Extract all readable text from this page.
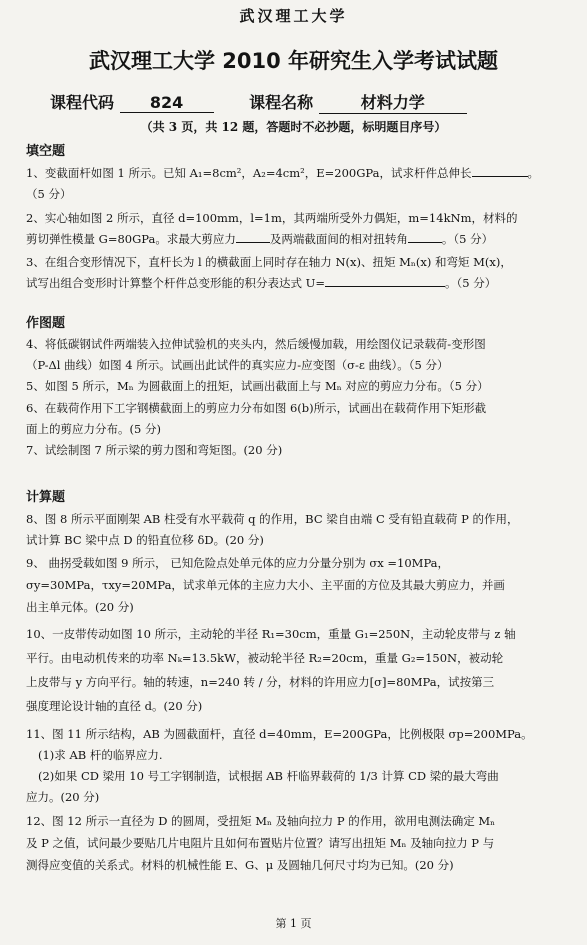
武汉理工大学
武汉理工大学 2010 年研究生入学考试试题
课程代码 824	课程名称	材料力学
（共 3 页，共 12 题，答题时不必抄题，标明题目序号）
填空题
1、变截面杆如图 1 所示。已知 A₁=8cm²，A₂=4cm²，E=200GPa，试求杆件总伸长	。
（5 分）
2、实心轴如图 2 所示，直径 d=100mm，l=1m，其两端所受外力偶矩，m=14kNm，材料的
剪切弹性模量 G=80GPa。求最大剪应力	及两端截面间的相对扭转角	。（5 分）
3、在组合变形情况下，直杆长为 l 的横截面上同时存在轴力 N(x)、扭矩 Mₙ(x) 和弯矩 M(x)，
试写出组合变形时计算整个杆件总变形能的积分表达式 U=	。（5 分）
作图题
4、将低碳钢试件两端装入拉伸试验机的夹头内，然后缓慢加载，用绘图仪记录载荷-变形图
（P-Δl 曲线）如图 4 所示。试画出此试件的真实应力-应变图（σ-ε 曲线）。（5 分）
5、如图 5 所示，Mₙ 为圆截面上的扭矩，试画出截面上与 Mₙ 对应的剪应力分布。（5 分）
6、在载荷作用下工字钢横截面上的剪应力分布如图 6(b)所示，试画出在载荷作用下矩形截
面上的剪应力分布。(5 分)
7、试绘制图 7 所示梁的剪力图和弯矩图。(20 分)
计算题
8、图 8 所示平面刚架 AB 柱受有水平载荷 q 的作用，BC 梁自由端 C 受有铅直载荷 P 的作用，
试计算 BC 梁中点 D 的铅直位移 δD。(20 分)
9、 曲拐受载如图 9 所示， 已知危险点处单元体的应力分量分别为 σx =10MPa，
σy=30MPa，τxy=20MPa，试求单元体的主应力大小、主平面的方位及其最大剪应力，并画
出主单元体。(20 分)
10、一皮带传动如图 10 所示，主动轮的半径 R₁=30cm，重量 G₁=250N，主动轮皮带与 z 轴
平行。由电动机传来的功率 Nₖ=13.5kW，被动轮半径 R₂=20cm，重量 G₂=150N，被动轮
上皮带与 y 方向平行。轴的转速，n=240 转 / 分，材料的许用应力[σ]=80MPa，试按第三
强度理论设计轴的直径 d。(20 分)
11、图 11 所示结构，AB 为圆截面杆，直径 d=40mm，E=200GPa，比例极限 σp=200MPa。
(1)求 AB 杆的临界应力.
(2)如果 CD 梁用 10 号工字钢制造，试根据 AB 杆临界载荷的 1/3 计算 CD 梁的最大弯曲
应力。(20 分)
12、图 12 所示一直径为 D 的圆周，受扭矩 Mₙ 及轴向拉力 P 的作用，欲用电测法确定 Mₙ
及 P 之值，试问最少要贴几片电阻片且如何布置贴片位置？请写出扭矩 Mₙ 及轴向拉力 P 与
测得应变值的关系式。材料的机械性能 E、G、μ 及圆轴几何尺寸均为已知。(20 分)
第 1 页
